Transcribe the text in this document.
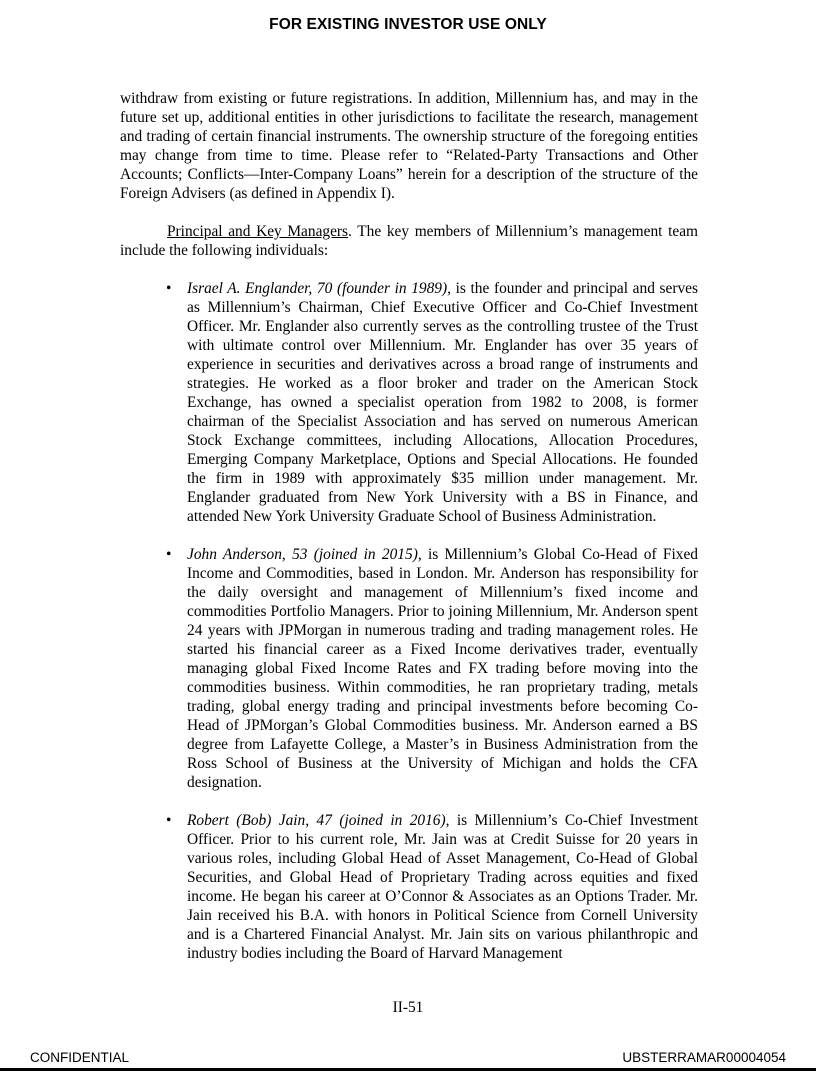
FOR EXISTING INVESTOR USE ONLY

withdraw from existing or future registrations. In addition, Millennium has, and may in the future set up, additional entities in other jurisdictions to facilitate the research, management and trading of certain financial instruments. The ownership structure of the foregoing entities may change from time to time. Please refer to “Related-Party Transactions and Other Accounts; Conflicts—Inter-Company Loans” herein for a description of the structure of the Foreign Advisers (as defined in Appendix I).

Principal and Key Managers. The key members of Millennium’s management team include the following individuals:

• Israel A. Englander, 70 (founder in 1989), is the founder and principal and serves as Millennium’s Chairman, Chief Executive Officer and Co-Chief Investment Officer. Mr. Englander also currently serves as the controlling trustee of the Trust with ultimate control over Millennium. Mr. Englander has over 35 years of experience in securities and derivatives across a broad range of instruments and strategies. He worked as a floor broker and trader on the American Stock Exchange, has owned a specialist operation from 1982 to 2008, is former chairman of the Specialist Association and has served on numerous American Stock Exchange committees, including Allocations, Allocation Procedures, Emerging Company Marketplace, Options and Special Allocations. He founded the firm in 1989 with approximately $35 million under management. Mr. Englander graduated from New York University with a BS in Finance, and attended New York University Graduate School of Business Administration.
• John Anderson, 53 (joined in 2015), is Millennium’s Global Co-Head of Fixed Income and Commodities, based in London. Mr. Anderson has responsibility for the daily oversight and management of Millennium’s fixed income and commodities Portfolio Managers. Prior to joining Millennium, Mr. Anderson spent 24 years with JPMorgan in numerous trading and trading management roles. He started his financial career as a Fixed Income derivatives trader, eventually managing global Fixed Income Rates and FX trading before moving into the commodities business. Within commodities, he ran proprietary trading, metals trading, global energy trading and principal investments before becoming Co-Head of JPMorgan’s Global Commodities business. Mr. Anderson earned a BS degree from Lafayette College, a Master’s in Business Administration from the Ross School of Business at the University of Michigan and holds the CFA designation.
• Robert (Bob) Jain, 47 (joined in 2016), is Millennium’s Co-Chief Investment Officer. Prior to his current role, Mr. Jain was at Credit Suisse for 20 years in various roles, including Global Head of Asset Management, Co-Head of Global Securities, and Global Head of Proprietary Trading across equities and fixed income. He began his career at O’Connor & Associates as an Options Trader. Mr. Jain received his B.A. with honors in Political Science from Cornell University and is a Chartered Financial Analyst. Mr. Jain sits on various philanthropic and industry bodies including the Board of Harvard Management
II-51
CONFIDENTIAL	UBSTERRAMAR00004054
